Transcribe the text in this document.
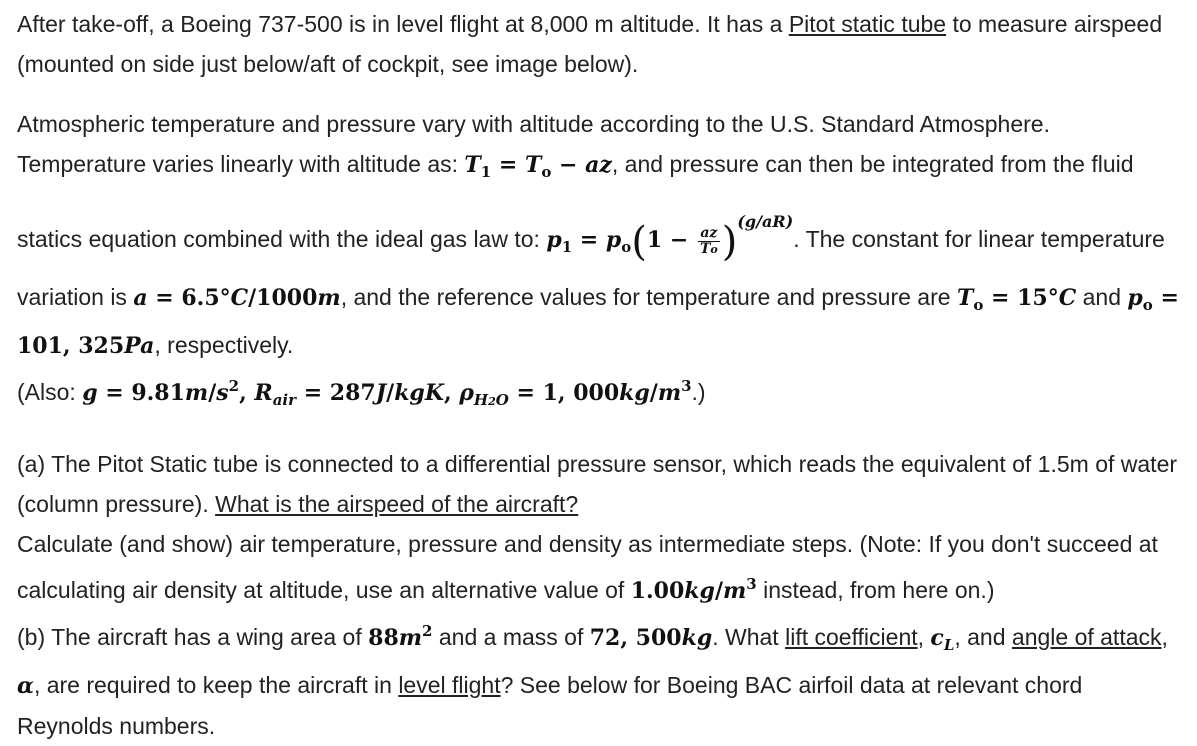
After take-off, a Boeing 737-500 is in level flight at 8,000 m altitude. It has a Pitot static tube to measure airspeed (mounted on side just below/aft of cockpit, see image below).

Atmospheric temperature and pressure vary with altitude according to the U.S. Standard Atmosphere. Temperature varies linearly with altitude as: $T_1 = T_o$ − az, and pressure can then be integrated from the fluid statics equation combined with the ideal gas law to: $p_1 = p_o(1 - \frac{az}{To} )^{(g/aR)}$. The constant for linear temperature variation is a = 6.5°C/1000m, and the reference values for temperature and pressure are $T_o = 15^\circ C$ and $p_o = 101$, 325Pa, respectively.
(Also: $g = 9.81m/s^2$, $R_{air} = 287J/kgK$, $\rho_{H2O} = 1$, $000kg/m^3$.)

(a) The Pitot Static tube is connected to a differential pressure sensor, which reads the equivalent of 1.5m of water (column pressure). What is the airspeed of the aircraft?
Calculate (and show) air temperature, pressure and density as intermediate steps. (Note: If you don't succeed at calculating air density at altitude, use an alternative value of $1.00kg/m^3$ instead, from here on.)

(b) The aircraft has a wing area of $88m^2$ and a mass of 72, 500kg. What lift coefficient, $c_L$, and angle of attack, α, are required to keep the aircraft in level flight? See below for Boeing BAC airfoil data at relevant chord Reynolds numbers.
